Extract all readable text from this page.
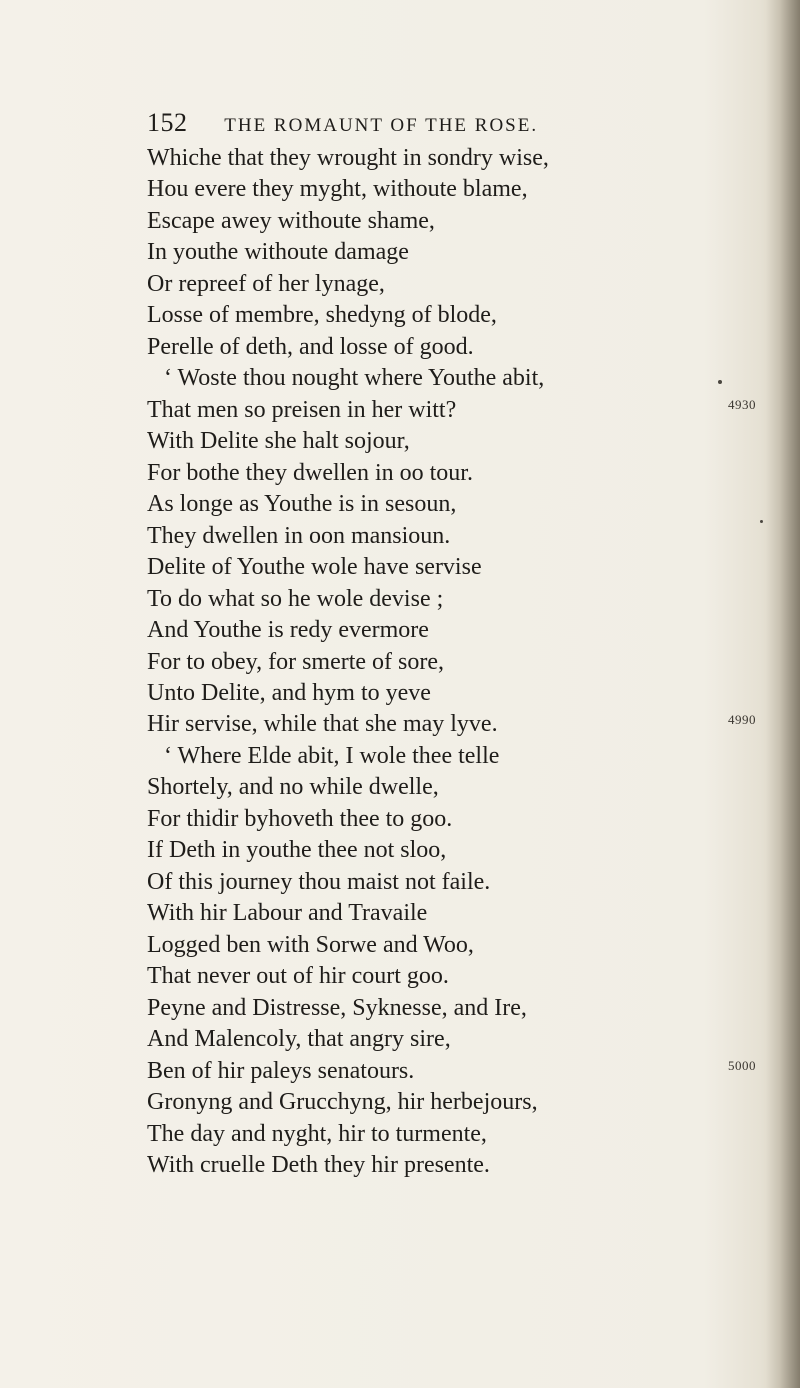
152 THE ROMAUNT OF THE ROSE.
Whiche that they wrought in sondry wise,
Hou evere they myght, withoute blame,
Escape awey withoute shame,
In youthe withoute damage
Or repreef of her lynage,
Losse of membre, shedyng of blode,
Perelle of deth, and losse of good.
‘ Woste thou nought where Youthe abit,
That men so preisen in her witt?
With Delite she halt sojour,
For bothe they dwellen in oo tour.
As longe as Youthe is in sesoun,
They dwellen in oon mansioun.
Delite of Youthe wole have servise
To do what so he wole devise ;
And Youthe is redy evermore
For to obey, for smerte of sore,
Unto Delite, and hym to yeve
Hir servise, while that she may lyve.
‘ Where Elde abit, I wole thee telle
Shortely, and no while dwelle,
For thidir byhoveth thee to goo.
If Deth in youthe thee not sloo,
Of this journey thou maist not faile.
With hir Labour and Travaile
Logged ben with Sorwe and Woo,
That never out of hir court goo.
Peyne and Distresse, Syknesse, and Ire,
And Malencoly, that angry sire,
Ben of hir paleys senatours.
Gronyng and Grucchyng, hir herbejours,
The day and nyght, hir to turmente,
With cruelle Deth they hir presente.
4930
4990
5000
